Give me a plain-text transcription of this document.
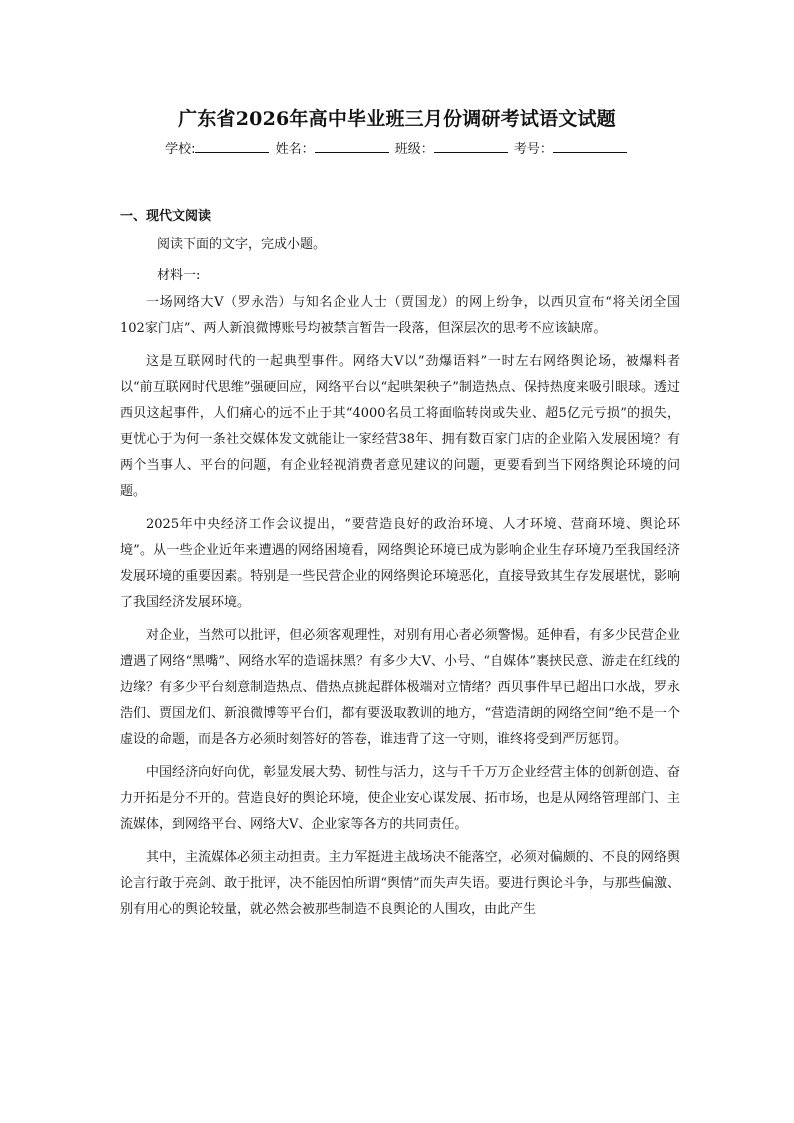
广东省2026年高中毕业班三月份调研考试语文试题
学校:	姓名：	班级：	考号：
一、现代文阅读
阅读下面的文字，完成小题。
材料一:

一场网络大V（罗永浩）与知名企业人士（贾国龙）的网上纷争，以西贝宣布“将关闭全国102家门店”、两人新浪微博账号均被禁言暂告一段落，但深层次的思考不应该缺席。

这是互联网时代的一起典型事件。网络大V以“劲爆语料”一时左右网络舆论场，被爆料者以“前互联网时代思维”强硬回应，网络平台以“起哄架秧子”制造热点、保持热度来吸引眼球。透过西贝这起事件，人们痛心的远不止于其“4000名员工将面临转岗或失业、超5亿元亏损”的损失，更忧心于为何一条社交媒体发文就能让一家经营38年、拥有数百家门店的企业陷入发展困境？有两个当事人、平台的问题，有企业轻视消费者意见建议的问题，更要看到当下网络舆论环境的问题。

2025年中央经济工作会议提出，“要营造良好的政治环境、人才环境、营商环境、舆论环境”。从一些企业近年来遭遇的网络困境看，网络舆论环境已成为影响企业生存环境乃至我国经济发展环境的重要因素。特别是一些民营企业的网络舆论环境恶化，直接导致其生存发展堪忧，影响了我国经济发展环境。

对企业，当然可以批评，但必须客观理性，对别有用心者必须警惕。延伸看，有多少民营企业遭遇了网络“黑嘴”、网络水军的造谣抹黑？有多少大V、小号、“自媒体”裹挟民意、游走在红线的边缘？有多少平台刻意制造热点、借热点挑起群体极端对立情绪？西贝事件早已超出口水战，罗永浩们、贾国龙们、新浪微博等平台们，都有要汲取教训的地方，“营造清朗的网络空间”绝不是一个虚设的命题，而是各方必须时刻答好的答卷，谁违背了这一守则，谁终将受到严厉惩罚。

中国经济向好向优，彰显发展大势、韧性与活力，这与千千万万企业经营主体的创新创造、奋力开拓是分不开的。营造良好的舆论环境，使企业安心谋发展、拓市场，也是从网络管理部门、主流媒体，到网络平台、网络大V、企业家等各方的共同责任。

其中，主流媒体必须主动担责。主力军挺进主战场决不能落空，必须对偏颇的、不良的网络舆论言行敢于亮剑、敢于批评，决不能因怕所谓“舆情”而失声失语。要进行舆论斗争，与那些偏激、别有用心的舆论较量，就必然会被那些制造不良舆论的人围攻，由此产生
